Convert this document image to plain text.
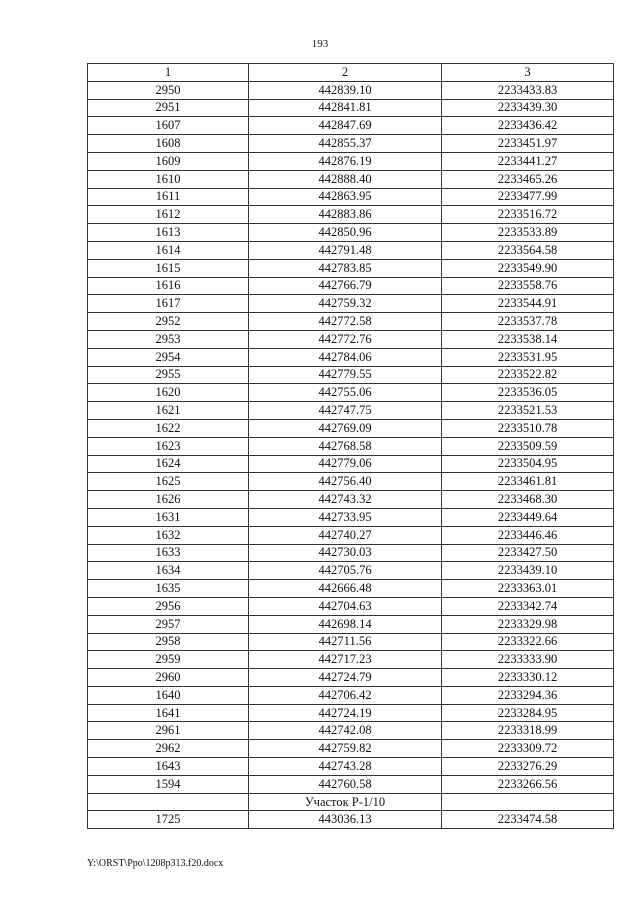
193
1	2	3
2950	442839.10	2233433.83
2951	442841.81	2233439.30
1607	442847.69	2233436.42
1608	442855.37	2233451.97
1609	442876.19	2233441.27
1610	442888.40	2233465.26
1611	442863.95	2233477.99
1612	442883.86	2233516.72
1613	442850.96	2233533.89
1614	442791.48	2233564.58
1615	442783.85	2233549.90
1616	442766.79	2233558.76
1617	442759.32	2233544.91
2952	442772.58	2233537.78
2953	442772.76	2233538.14
2954	442784.06	2233531.95
2955	442779.55	2233522.82
1620	442755.06	2233536.05
1621	442747.75	2233521.53
1622	442769.09	2233510.78
1623	442768.58	2233509.59
1624	442779.06	2233504.95
1625	442756.40	2233461.81
1626	442743.32	2233468.30
1631	442733.95	2233449.64
1632	442740.27	2233446.46
1633	442730.03	2233427.50
1634	442705.76	2233439.10
1635	442666.48	2233363.01
2956	442704.63	2233342.74
2957	442698.14	2233329.98
2958	442711.56	2233322.66
2959	442717.23	2233333.90
2960	442724.79	2233330.12
1640	442706.42	2233294.36
1641	442724.19	2233284.95
2961	442742.08	2233318.99
2962	442759.82	2233309.72
1643	442743.28	2233276.29
1594	442760.58	2233266.56
	Участок Р-1/10	
1725	443036.13	2233474.58
Y:\ORST\Ppo\1208p313.f20.docx
